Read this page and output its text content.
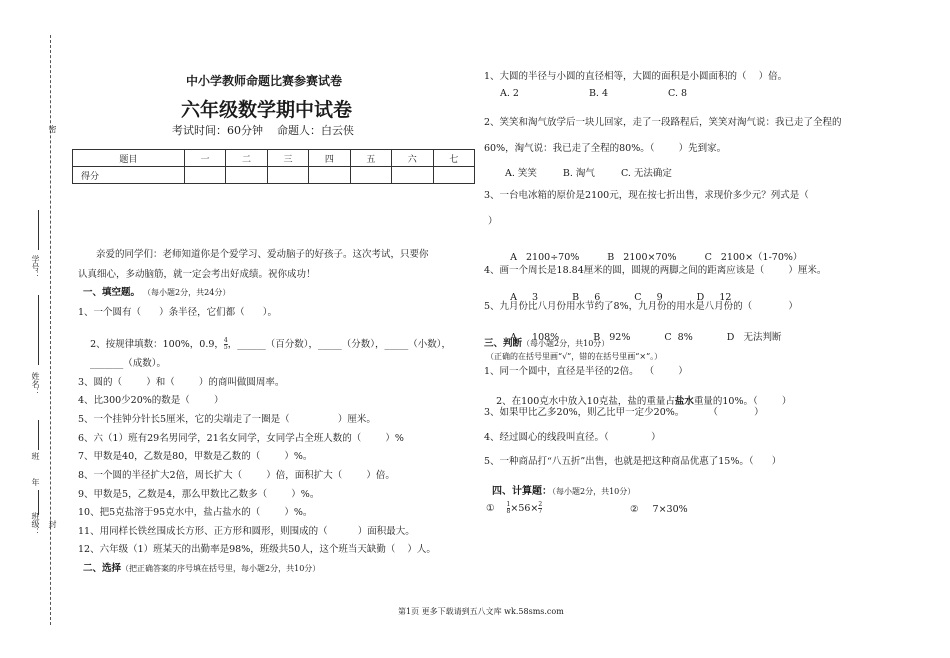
密
封
学号：
姓名：
班
年
班级：
中小学教师命题比赛参赛试卷
六年级数学期中试卷
考试时间：60分钟    命题人：白云侠
题目	一	二	三	四	五	六	七
得分							
亲爱的同学们：老师知道你是个爱学习、爱动脑子的好孩子。这次考试，只要你
认真细心，多动脑筋，就一定会考出好成绩。祝你成功！
一、填空题。 （每小题2分，共24分）
1、一个圆有（      ）条半径，它们都（      ）。

2、按规律填数：100%，0.9， $\frac{4}{5}$ ，______（百分数），_____（分数），_____（小数），

_______（成数）。
3、圆的（        ）和（        ）的商叫做圆周率。
4、比300少20%的数是（        ）
5、一个挂钟分针长5厘米，它的尖端走了一圈是（                ）厘米。
6、六（1）班有29名男同学，21名女同学，女同学占全班人数的（        ）%
7、甲数是40，乙数是80，甲数是乙数的（        ）%。
8、一个圆的半径扩大2倍，周长扩大（        ）倍，面积扩大（        ）倍。
9、甲数是5，乙数是4，那么甲数比乙数多（        ）%。
10、把5克盐溶于95克水中，盐占盐水的（        ）%。
11、用同样长铁丝围成长方形、正方形和圆形，则围成的（          ）面积最大。
12、六年级（1）班某天的出勤率是98%，班级共50人，这个班当天缺勤（    ）人。
二、选择（把正确答案的序号填在括号里，每小题2分，共10分）
1、大圆的半径与小圆的直径相等，大圆的面积是小圆面积的（    ）倍。
A. 2	B. 4	C. 8
2、笑笑和淘气放学后一块儿回家，走了一段路程后，笑笑对淘气说：我已走了全程的
60%，淘气说：我已走了全程的80%。（        ）先到家。
A. 笑笑	B. 淘气	C. 无法确定
3、一台电冰箱的原价是2100元，现在按七折出售，求现价多少元？列式是（
）

A   2100÷70%	B   2100×70%	C   2100×（1-70%）

4、画一个周长是18.84厘米的圆，圆规的两脚之间的距离应该是（        ）厘米。

A     3	B     6	C     9	D     12

5、九月份比八月份用水节约了8%，九月份的用水是八月份的（            ）

A     108%	B   92%	C  8%	D   无法判断

三、判断（每小题2分，共10分）
（正确的在括号里画“√”，错的在括号里画“×”。）
1、同一个圆中，直径是半径的2倍。  （        ）

2、在100克水中放入10克盐，盐的重量占盐水重量的10%。（        ）

3、如果甲比乙多20%，则乙比甲一定少20%。        （            ）
4、经过圆心的线段叫直径。（              ）
5、一种商品打“八五折”出售，也就是把这种商品优惠了15%。（      ）
四、计算题：（每小题2分，共10分）
① $\frac{1}{8} \times 56\times \frac{2}{7}$	② 7×30%
第1页 更多下载请到五八文库 wk.58sms.com
